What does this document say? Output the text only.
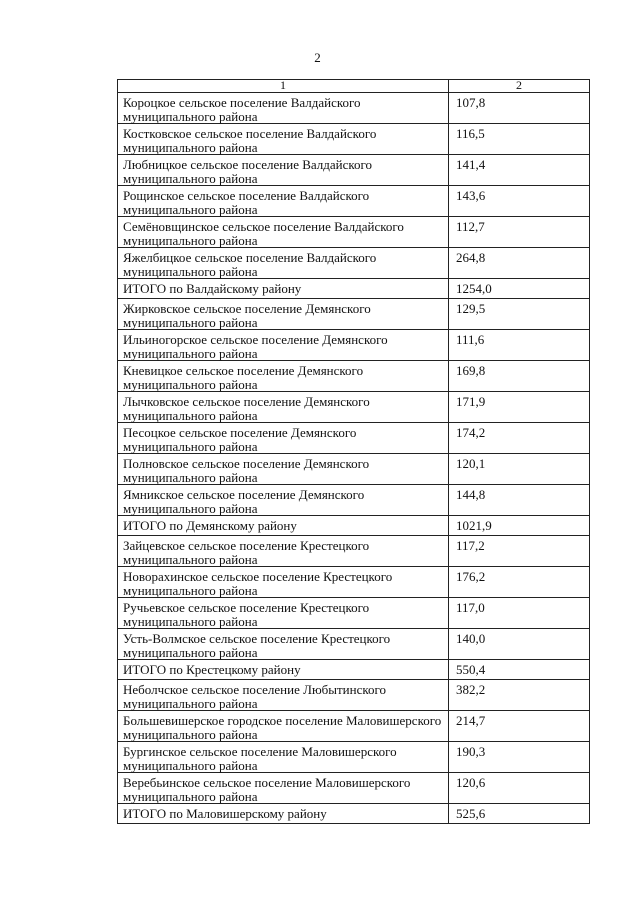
2
1	2

Короцкое сельское поселение Валдайского муниципального района	107,8

Костковское сельское поселение Валдайского муниципального района	116,5

Любницкое сельское поселение Валдайского муниципального района	141,4

Рощинское сельское поселение Валдайского муниципального района	143,6

Семёновщинское сельское поселение Валдайского муниципального района	112,7

Яжелбицкое сельское поселение Валдайского муниципального района	264,8

ИТОГО по Валдайскому району	1254,0

Жирковское сельское поселение Демянского муниципального района	129,5

Ильиногорское сельское поселение Демянского муниципального района	111,6

Кневицкое сельское поселение Демянского муниципального района	169,8

Лычковское сельское поселение Демянского муниципального района	171,9

Песоцкое сельское поселение Демянского муниципального района	174,2

Полновское сельское поселение Демянского муниципального района	120,1

Ямникское сельское поселение Демянского муниципального района	144,8

ИТОГО по Демянскому району	1021,9

Зайцевское сельское поселение Крестецкого муниципального района	117,2

Новорахинское сельское поселение Крестецкого муниципального района	176,2

Ручьевское сельское поселение Крестецкого муниципального района	117,0

Усть-Волмское сельское поселение Крестецкого муниципального района	140,0

ИТОГО по Крестецкому району	550,4

Неболчское сельское поселение Любытинского муниципального района	382,2

Большевишерское городское поселение Маловишерского муниципального района	214,7

Бургинское сельское поселение Маловишерского муниципального района	190,3

Веребьинское сельское поселение Маловишерского муниципального района	120,6

ИТОГО по Маловишерскому району	525,6
